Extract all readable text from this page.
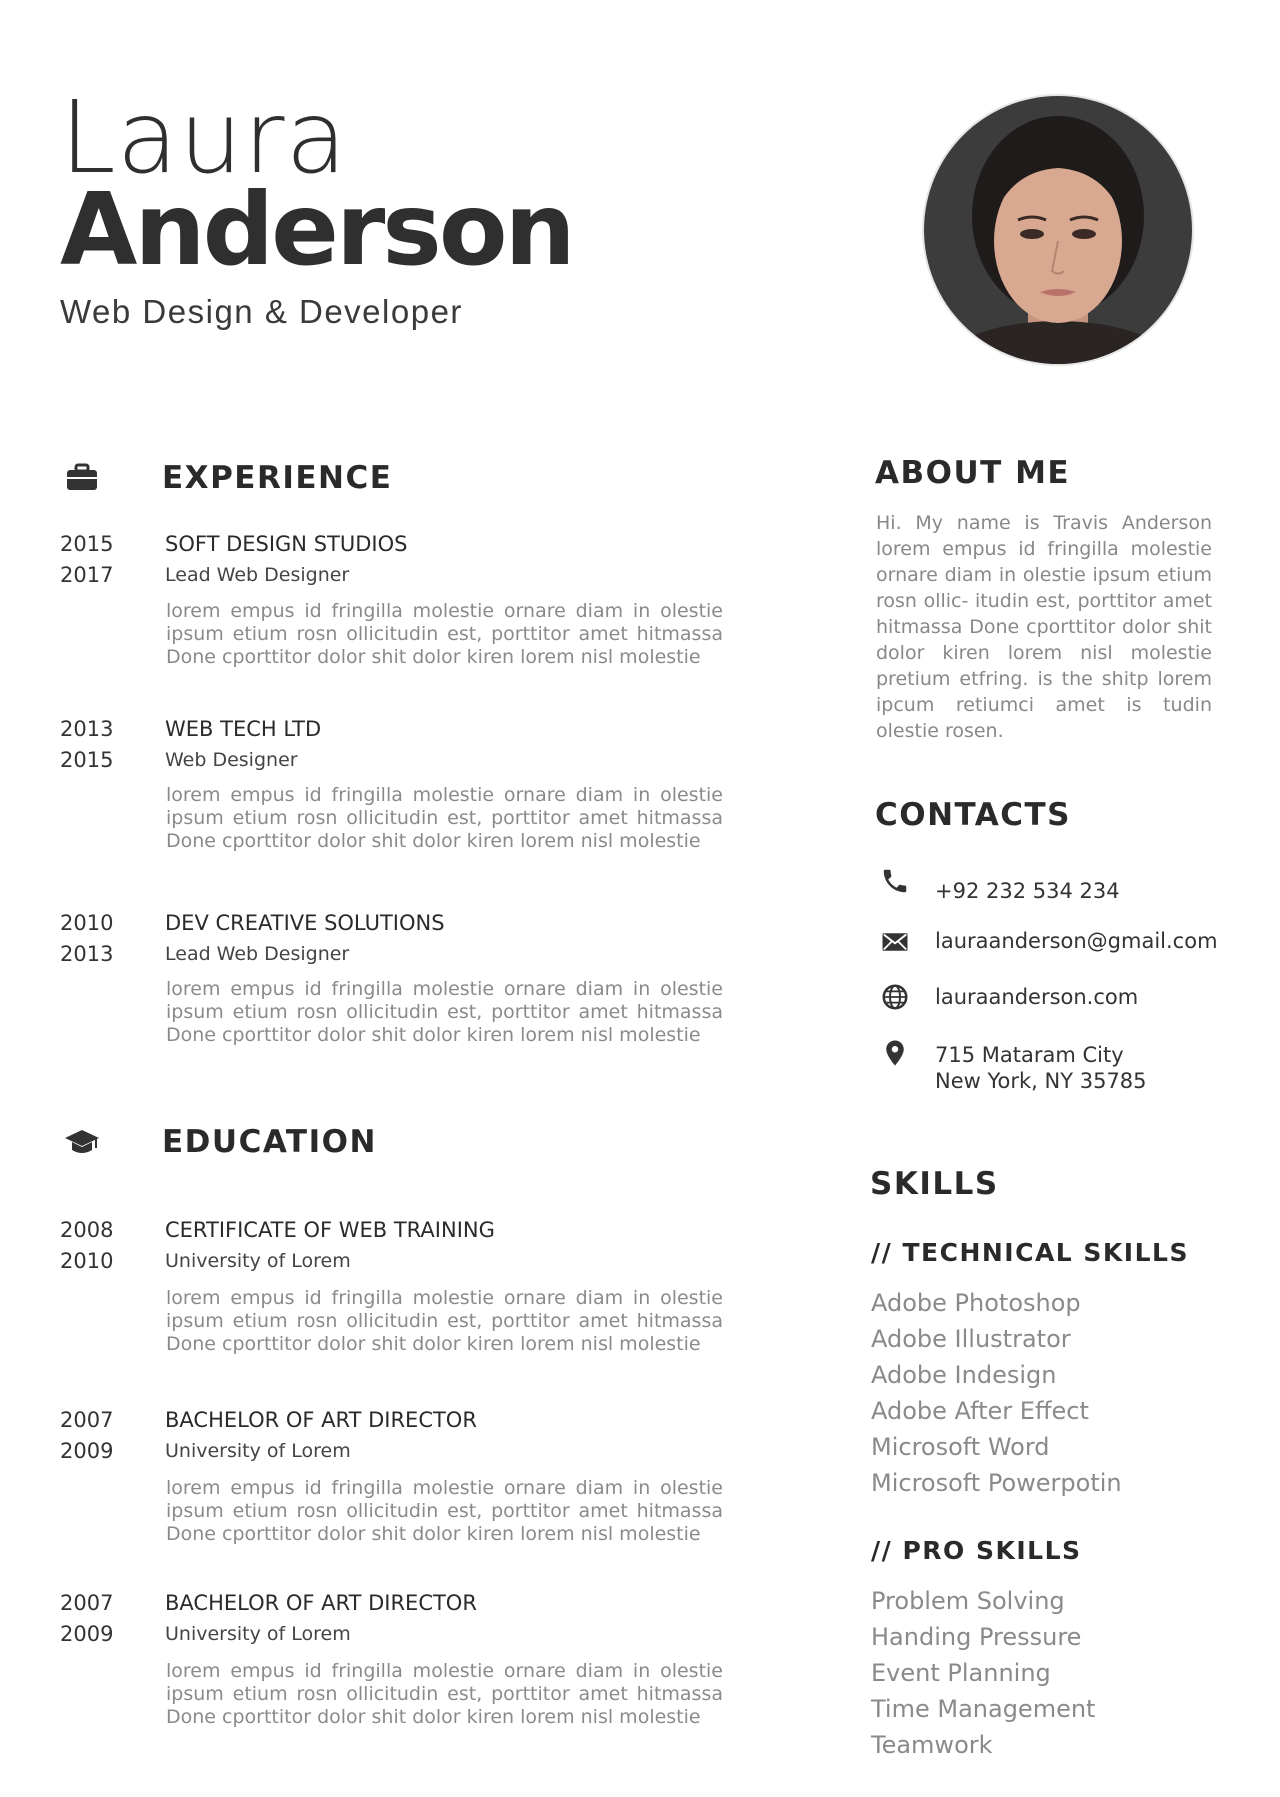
Laura
Anderson
Web Design & Developer
EXPERIENCE
2015
2017
SOFT DESIGN STUDIOS
Lead Web Designer
lorem empus id fringilla molestie ornare diam in olestie ipsum etium rosn ollicitudin est, porttitor amet hitmassa Done cporttitor dolor shit dolor kiren lorem nisl molestie
2013
2015
WEB TECH LTD
Web Designer
lorem empus id fringilla molestie ornare diam in olestie ipsum etium rosn ollicitudin est, porttitor amet hitmassa Done cporttitor dolor shit dolor kiren lorem nisl molestie
2010
2013
DEV CREATIVE SOLUTIONS
Lead Web Designer
lorem empus id fringilla molestie ornare diam in olestie ipsum etium rosn ollicitudin est, porttitor amet hitmassa Done cporttitor dolor shit dolor kiren lorem nisl molestie
EDUCATION
2008
2010
CERTIFICATE OF WEB TRAINING
University of Lorem
lorem empus id fringilla molestie ornare diam in olestie ipsum etium rosn ollicitudin est, porttitor amet hitmassa Done cporttitor dolor shit dolor kiren lorem nisl molestie
2007
2009
BACHELOR OF ART DIRECTOR
University of Lorem
lorem empus id fringilla molestie ornare diam in olestie ipsum etium rosn ollicitudin est, porttitor amet hitmassa Done cporttitor dolor shit dolor kiren lorem nisl molestie
2007
2009
BACHELOR OF ART DIRECTOR
University of Lorem
lorem empus id fringilla molestie ornare diam in olestie ipsum etium rosn ollicitudin est, porttitor amet hitmassa Done cporttitor dolor shit dolor kiren lorem nisl molestie
ABOUT ME
Hi. My name is Travis Anderson lorem empus id fringilla molestie ornare diam in olestie ipsum etium rosn ollic- itudin est, porttitor amet hitmassa Done cporttitor dolor shit dolor kiren lorem nisl molestie pretium etfring. is the shitp lorem ipcum retiumci amet is tudin olestie rosen.
CONTACTS
+92 232 534 234
lauraanderson@gmail.com
lauraanderson.com
715 Mataram City
New York, NY 35785
SKILLS
// TECHNICAL SKILLS
Adobe Photoshop
Adobe Illustrator
Adobe Indesign
Adobe After Effect
Microsoft Word
Microsoft Powerpotin
// PRO SKILLS
Problem Solving
Handing Pressure
Event Planning
Time Management
Teamwork
